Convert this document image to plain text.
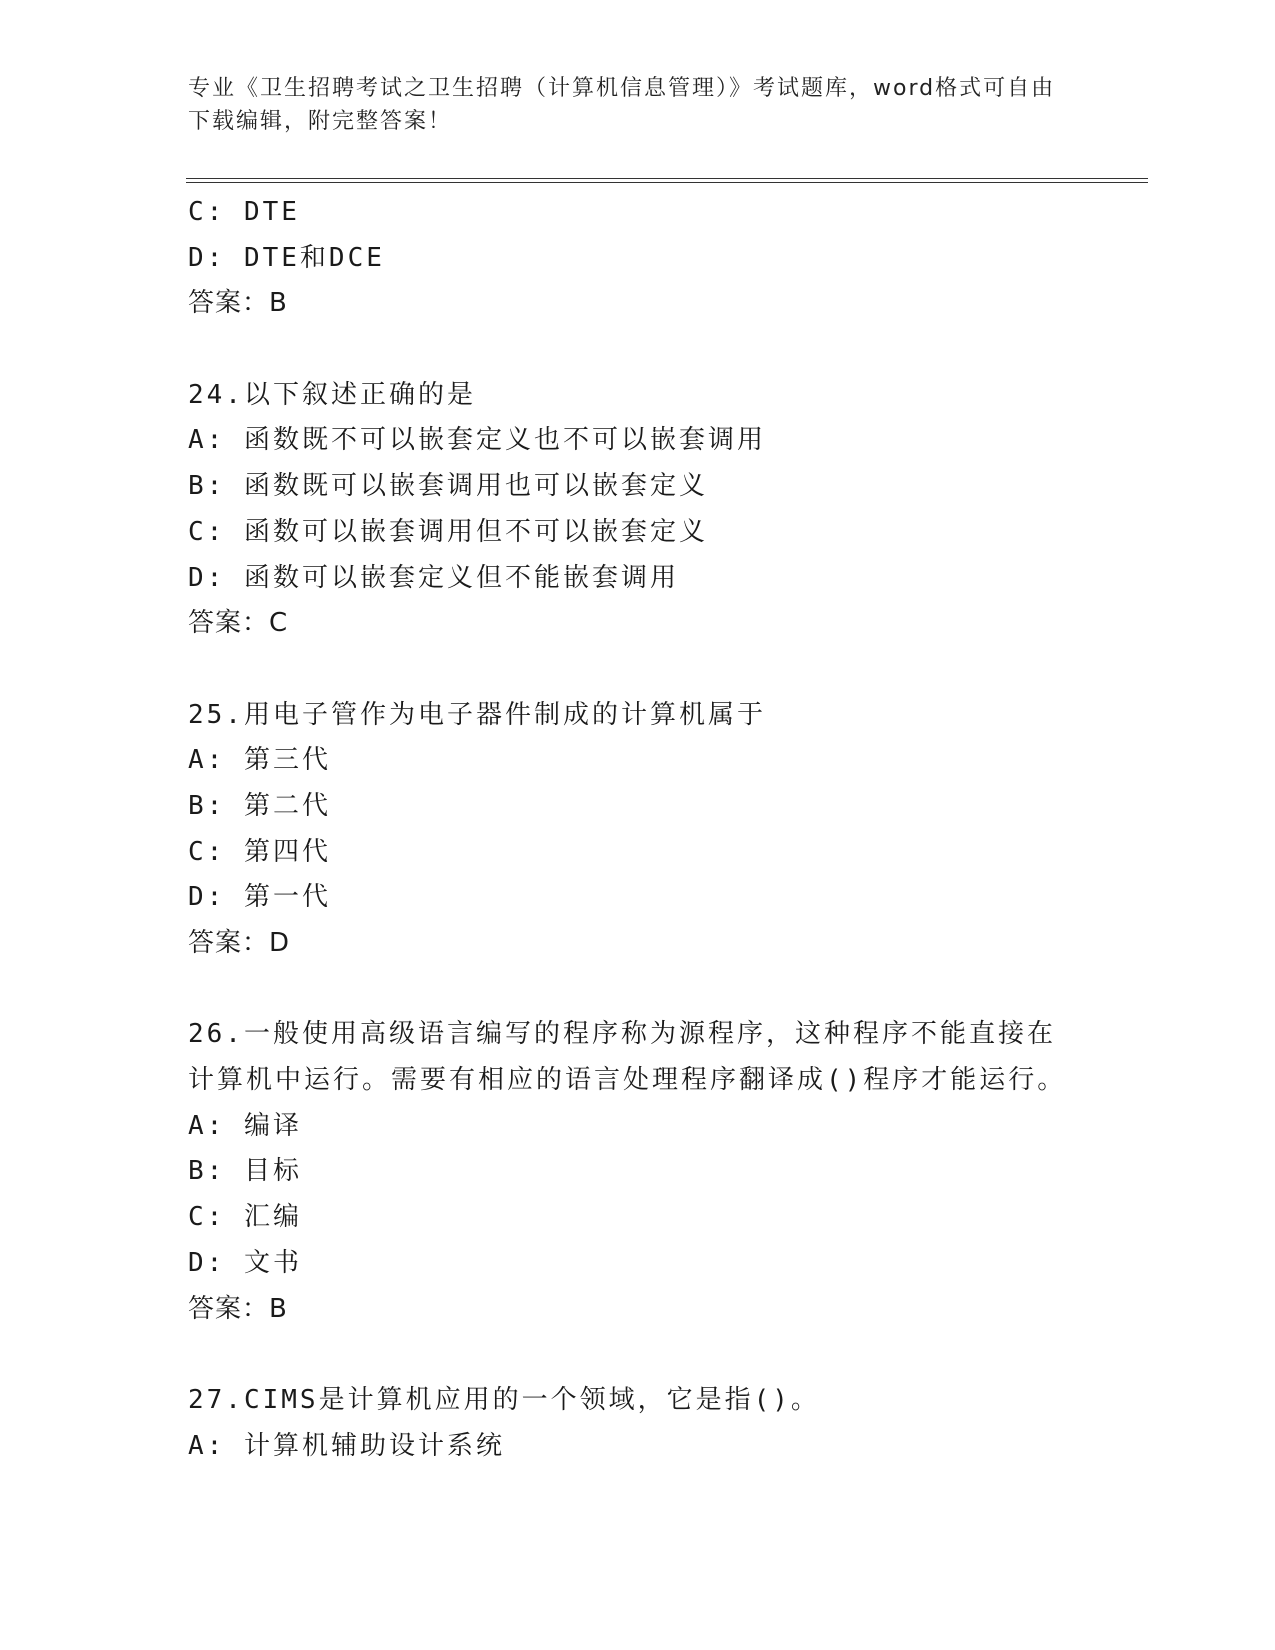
专业《卫生招聘考试之卫生招聘（计算机信息管理）》考试题库，word格式可自由下载编辑，附完整答案！
C: DTE
D: DTE和DCE
答案：B
24.以下叙述正确的是
A: 函数既不可以嵌套定义也不可以嵌套调用
B: 函数既可以嵌套调用也可以嵌套定义
C: 函数可以嵌套调用但不可以嵌套定义
D: 函数可以嵌套定义但不能嵌套调用
答案：C
25.用电子管作为电子器件制成的计算机属于
A: 第三代
B: 第二代
C: 第四代
D: 第一代
答案：D
26.一般使用高级语言编写的程序称为源程序，这种程序不能直接在计算机中运行。需要有相应的语言处理程序翻译成()程序才能运行。
A: 编译
B: 目标
C: 汇编
D: 文书
答案：B
27.CIMS是计算机应用的一个领域，它是指()。
A: 计算机辅助设计系统
